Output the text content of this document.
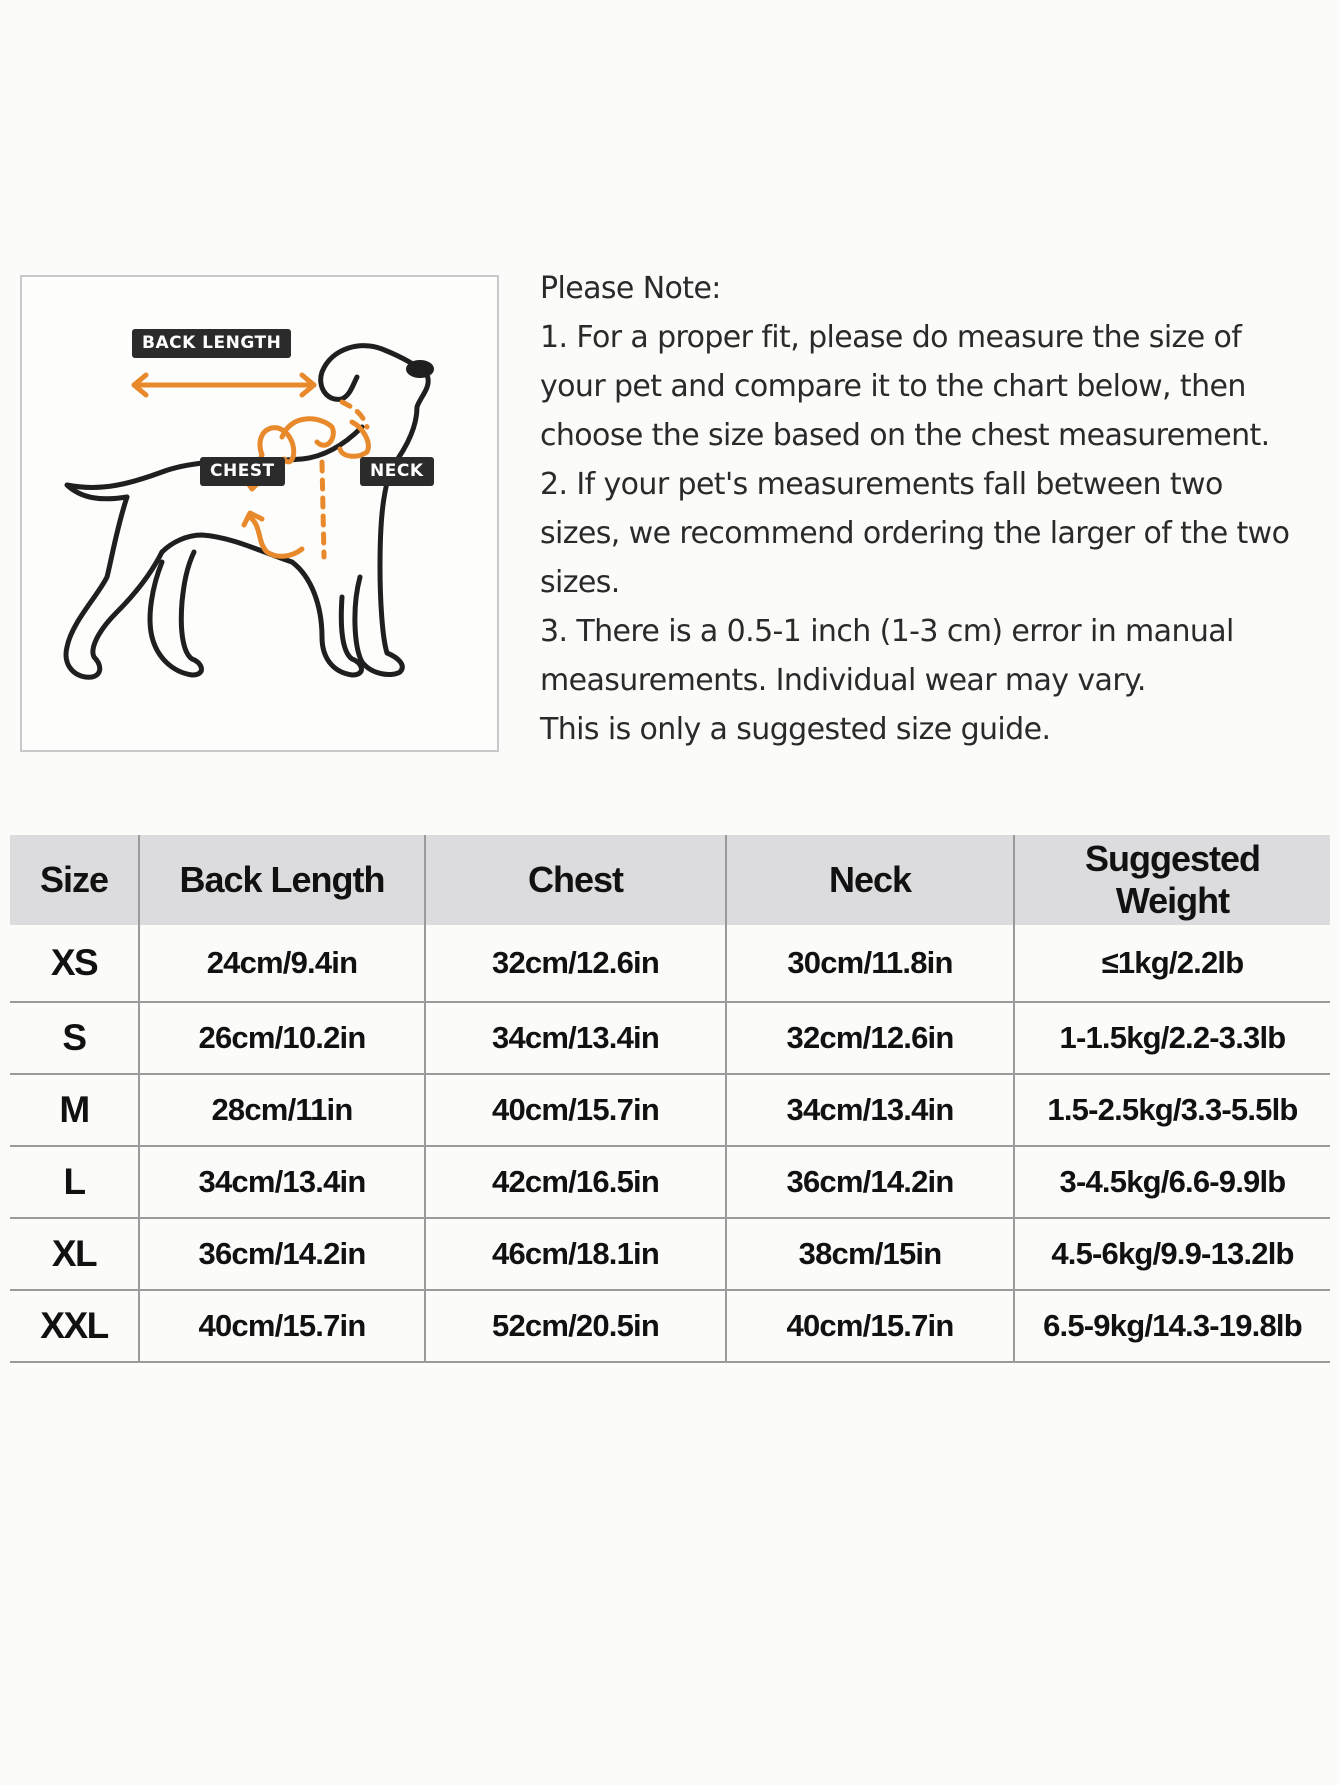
BACK LENGTH
CHEST	NECK
Please Note:
1. For a proper fit, please do measure the size of
your pet and compare it to the chart below, then
choose the size based on the chest measurement.
2. If your pet's measurements fall between two
sizes, we recommend ordering the larger of the two
sizes.
3. There is a 0.5-1 inch (1-3 cm) error in manual
measurements. Individual wear may vary.
This is only a suggested size guide.
Size	Back Length	Chest	Neck	Suggested
Weight

XS	24cm/9.4in	32cm/12.6in	30cm/11.8in	≤1kg/2.2lb
S	26cm/10.2in	34cm/13.4in	32cm/12.6in	1-1.5kg/2.2-3.3lb
M	28cm/11in	40cm/15.7in	34cm/13.4in	1.5-2.5kg/3.3-5.5lb
L	34cm/13.4in	42cm/16.5in	36cm/14.2in	3-4.5kg/6.6-9.9lb
XL	36cm/14.2in	46cm/18.1in	38cm/15in	4.5-6kg/9.9-13.2lb
XXL	40cm/15.7in	52cm/20.5in	40cm/15.7in	6.5-9kg/14.3-19.8lb
